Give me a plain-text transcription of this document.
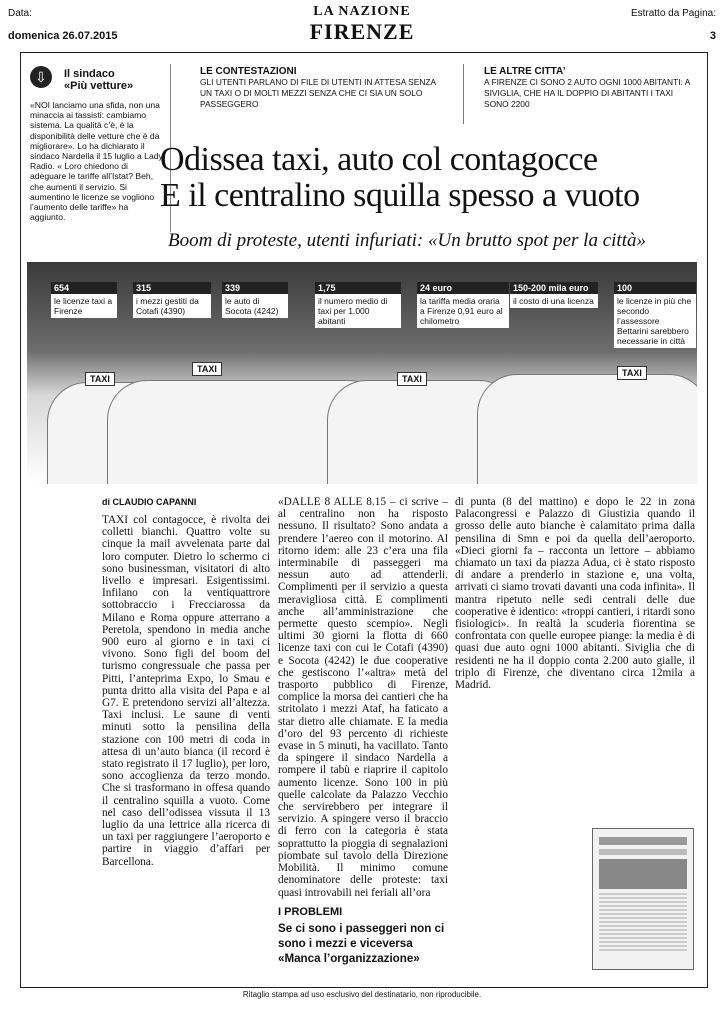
Data:
domenica 26.07.2015
LA NAZIONE
FIRENZE
Estratto da Pagina:
3
⇩	Il sindaco
«Più vetture»
«NOI lanciamo una sfida, non una minaccia ai tassisti: cambiamo sistema. La qualità c’è, è la disponibilità delle vetture che è da migliorare». Lo ha dichiarato il sindaco Nardella il 15 luglio a Lady Radio. « Loro chiedono di adeguare le tariffe all’Istat? Beh, che aumenti il servizio. Si aumentino le licenze se vogliono l’aumento delle tariffe» ha aggiunto.
LE CONTESTAZIONI
GLI UTENTI PARLANO DI FILE DI UTENTI IN ATTESA SENZA UN TAXI O DI MOLTI MEZZI SENZA CHE CI SIA UN SOLO PASSEGGERO
LE ALTRE CITTA’
A FIRENZE CI SONO 2 AUTO OGNI 1000 ABITANTI: A SIVIGLIA, CHE HA IL DOPPIO DI ABITANTI I TAXI SONO 2200
Odissea taxi, auto col contagocce
E il centralino squilla spesso a vuoto
Boom di proteste, utenti infuriati: «Un brutto spot per la città»
654
le licenze taxi a Firenze
315
i mezzi gestiti da Cotafi (4390)
339
le auto di Socota (4242)
1,75
il numero medio di taxi per 1.000 abitanti
24 euro
la tariffa media oraria a Firenze 0,91 euro al chilometro
150-200 mila euro
il costo di una licenza
100
le licenze in più che secondo l’assessore Bettarini sarebbero necessarie in città
TAXI
TAXI
TAXI
TAXI
di CLAUDIO CAPANNI
TAXI col contagocce, è rivolta dei colletti bianchi. Quattro volte su cinque la mail avvelenata parte dal loro computer. Dietro lo schermo ci sono businessman, visitatori di alto livello e impresari. Esigentissimi. Infilano con la ventiquattrore sottobraccio i Frecciarossa da Milano e Roma oppure atterrano a Peretola, spendono in media anche 900 euro al giorno e in taxi ci vivono. Sono figli del boom del turismo congressuale che passa per Pitti, l’anteprima Expo, lo Smau e punta dritto alla visita del Papa e al G7. E pretendono servizi all’altezza. Taxi inclusi. Le saune di venti minuti sotto la pensilina della stazione con 100 metri di coda in attesa di un’auto bianca (il record è stato registrato il 17 luglio), per loro, sono accoglienza da terzo mondo. Che si trasformano in offesa quando il centralino squilla a vuoto. Come nel caso dell’odissea vissuta il 13 luglio da una lettrice alla ricerca di un taxi per raggiungere l’aeroporto e partire in viaggio d’affari per Barcellona.
«DALLE 8 ALLE 8.15 – ci scrive – al centralino non ha risposto nessuno. Il risultato? Sono andata a prendere l’aereo con il motorino. Al ritorno idem: alle 23 c’era una fila interminabile di passeggeri ma nessun auto ad attenderli. Complimenti per il servizio a questa meravigliosa città. E complimenti anche all’amministrazione che permette questo scempio». Negli ultimi 30 giorni la flotta di 660 licenze taxi con cui le Cotafi (4390) e Socota (4242) le due cooperative che gestiscono l’«altra» metà del trasporto pubblico di Firenze, complice la morsa dei cantieri che ha stritolato i mezzi Ataf, ha faticato a star dietro alle chiamate. E la media d’oro del 93 percento di richieste evase in 5 minuti, ha vacillato. Tanto da spingere il sindaco Nardella a rompere il tabù e riaprire il capitolo aumento licenze. Sono 100 in più quelle calcolate da Palazzo Vecchio che servirebbero per integrare il servizio. A spingere verso il braccio di ferro con la categoria è stata soprattutto la pioggia di segnalazioni piombate sul tavolo della Direzione Mobilità. Il minimo comune denominatore delle proteste: taxi quasi introvabili nei feriali all’ora
I PROBLEMI
Se ci sono i passeggeri non ci sono i mezzi e viceversa «Manca l’organizzazione»
di punta (8 del mattino) e dopo le 22 in zona Palacongressi e Palazzo di Giustizia quando il grosso delle auto bianche è calamitato prima dalla pensilina di Smn e poi da quella dell’aeroporto. «Dieci giorni fa – racconta un lettore – abbiamo chiamato un taxi da piazza Adua, ci è stato risposto di andare a prenderlo in stazione e, una volta, arrivati ci siamo trovati davanti una coda infinita». Il mantra ripetuto nelle sedi centrali delle due cooperative è identico: «troppi cantieri, i ritardi sono fisiologici». In realtà la scuderia fiorentina se confrontata con quelle europee piange: la media è di quasi due auto ogni 1000 abitanti. Siviglia che di residenti ne ha il doppio conta 2.200 auto gialle, il triplo di Firenze, che diventano circa 12mila a Madrid.
Ritaglio stampa ad uso esclusivo del destinatario, non riproducibile.
